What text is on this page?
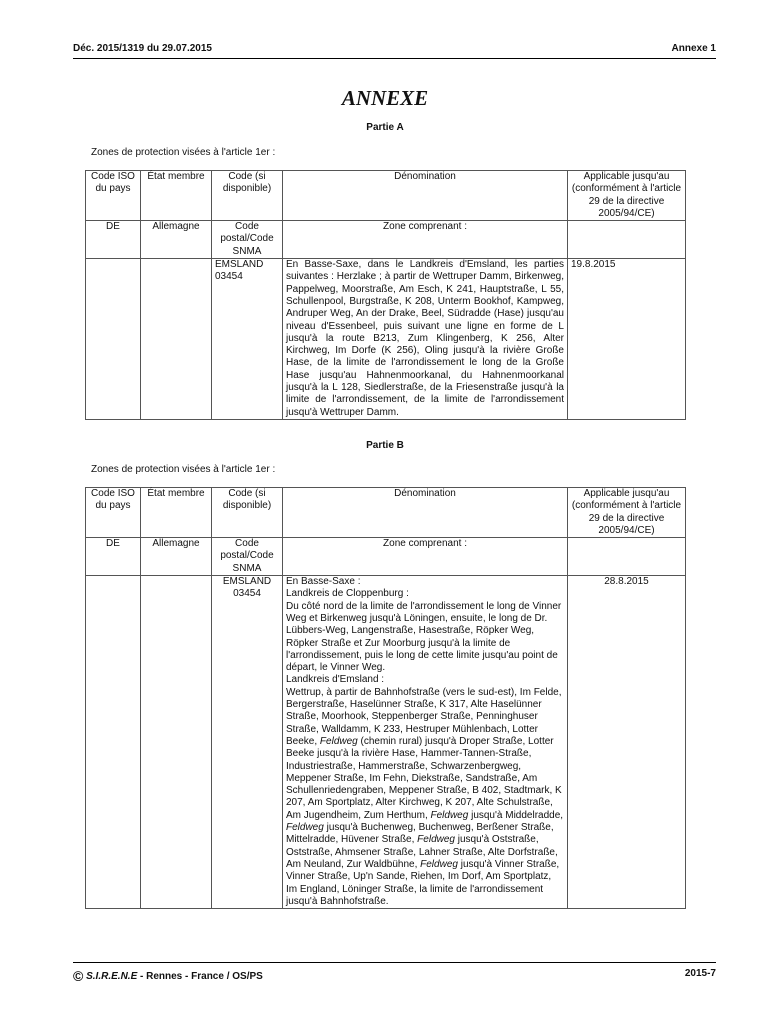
Déc. 2015/1319 du 29.07.2015	Annexe 1
ANNEXE
Partie A
Zones de protection visées à l'article 1er :
Code ISO du pays	État membre	Code (si disponible)	Dénomination	Applicable jusqu'au (conformément à l'article 29 de la directive 2005/94/CE)
DE	Allemagne	Code postal/Code SNMA	Zone comprenant :	
		EMSLAND 03454	En Basse-Saxe, dans le Landkreis d'Emsland, les parties suivantes : Herzlake ; à partir de Wettruper Damm, Birkenweg, Pappelweg, Moorstraße, Am Esch, K 241, Hauptstraße, L 55, Schullenpool, Burgstraße, K 208, Unterm Bookhof, Kampweg, Andruper Weg, An der Drake, Beel, Südradde (Hase) jusqu'au niveau d'Essenbeel, puis suivant une ligne en forme de L jusqu'à la route B213, Zum Klingenberg, K 256, Alter Kirchweg, Im Dorfe (K 256), Oling jusqu'à la rivière Große Hase, de la limite de l'arrondissement le long de la Große Hase jusqu'au Hahnenmoorkanal, du Hahnenmoorkanal jusqu'à la L 128, Siedlerstraße, de la Friesenstraße jusqu'à la limite de l'arrondissement, de la limite de l'arrondissement jusqu'à Wettruper Damm.	19.8.2015
Partie B
Zones de protection visées à l'article 1er :
Code ISO du pays	État membre	Code (si disponible)	Dénomination	Applicable jusqu'au (conformément à l'article 29 de la directive 2005/94/CE)
DE	Allemagne	Code postal/Code SNMA	Zone comprenant :	
		EMSLAND 03454	En Basse-Saxe :
Landkreis de Cloppenburg :
Du côté nord de la limite de l'arrondissement le long de Vinner Weg et Birkenweg jusqu'à Löningen, ensuite, le long de Dr. Lübbers-Weg, Langenstraße, Hasestraße, Röpker Weg, Röpker Straße et Zur Moorburg jusqu'à la limite de l'arrondissement, puis le long de cette limite jusqu'au point de départ, le Vinner Weg.
Landkreis d'Emsland :
Wettrup, à partir de Bahnhofstraße (vers le sud-est), Im Felde, Bergerstraße, Haselünner Straße, K 317, Alte Haselünner Straße, Moorhook, Steppenberger Straße, Penninghuser Straße, Walldamm, K 233, Hestruper Mühlenbach, Lotter Beeke, Feldweg (chemin rural) jusqu'à Droper Straße, Lotter Beeke jusqu'à la rivière Hase, Hammer-Tannen-Straße, Industriestraße, Hammerstraße, Schwarzenbergweg, Meppener Straße, Im Fehn, Diekstraße, Sandstraße, Am Schullenriedengraben, Meppener Straße, B 402, Stadtmark, K 207, Am Sportplatz, Alter Kirchweg, K 207, Alte Schulstraße, Am Jugendheim, Zum Herthum, Feldweg jusqu'à Middelradde, Feldweg jusqu'à Buchenweg, Buchenweg, Berßener Straße, Mittelradde, Hüvener Straße, Feldweg jusqu'à Oststraße, Oststraße, Ahmsener Straße, Lahner Straße, Alte Dorfstraße, Am Neuland, Zur Waldbühne, Feldweg jusqu'à Vinner Straße, Vinner Straße, Up'n Sande, Riehen, Im Dorf, Am Sportplatz, Im England, Löninger Straße, la limite de l'arrondissement jusqu'à Bahnhofstraße.	28.8.2015
© S.I.R.E.N.E - Rennes - France / OS/PS	2015-7
